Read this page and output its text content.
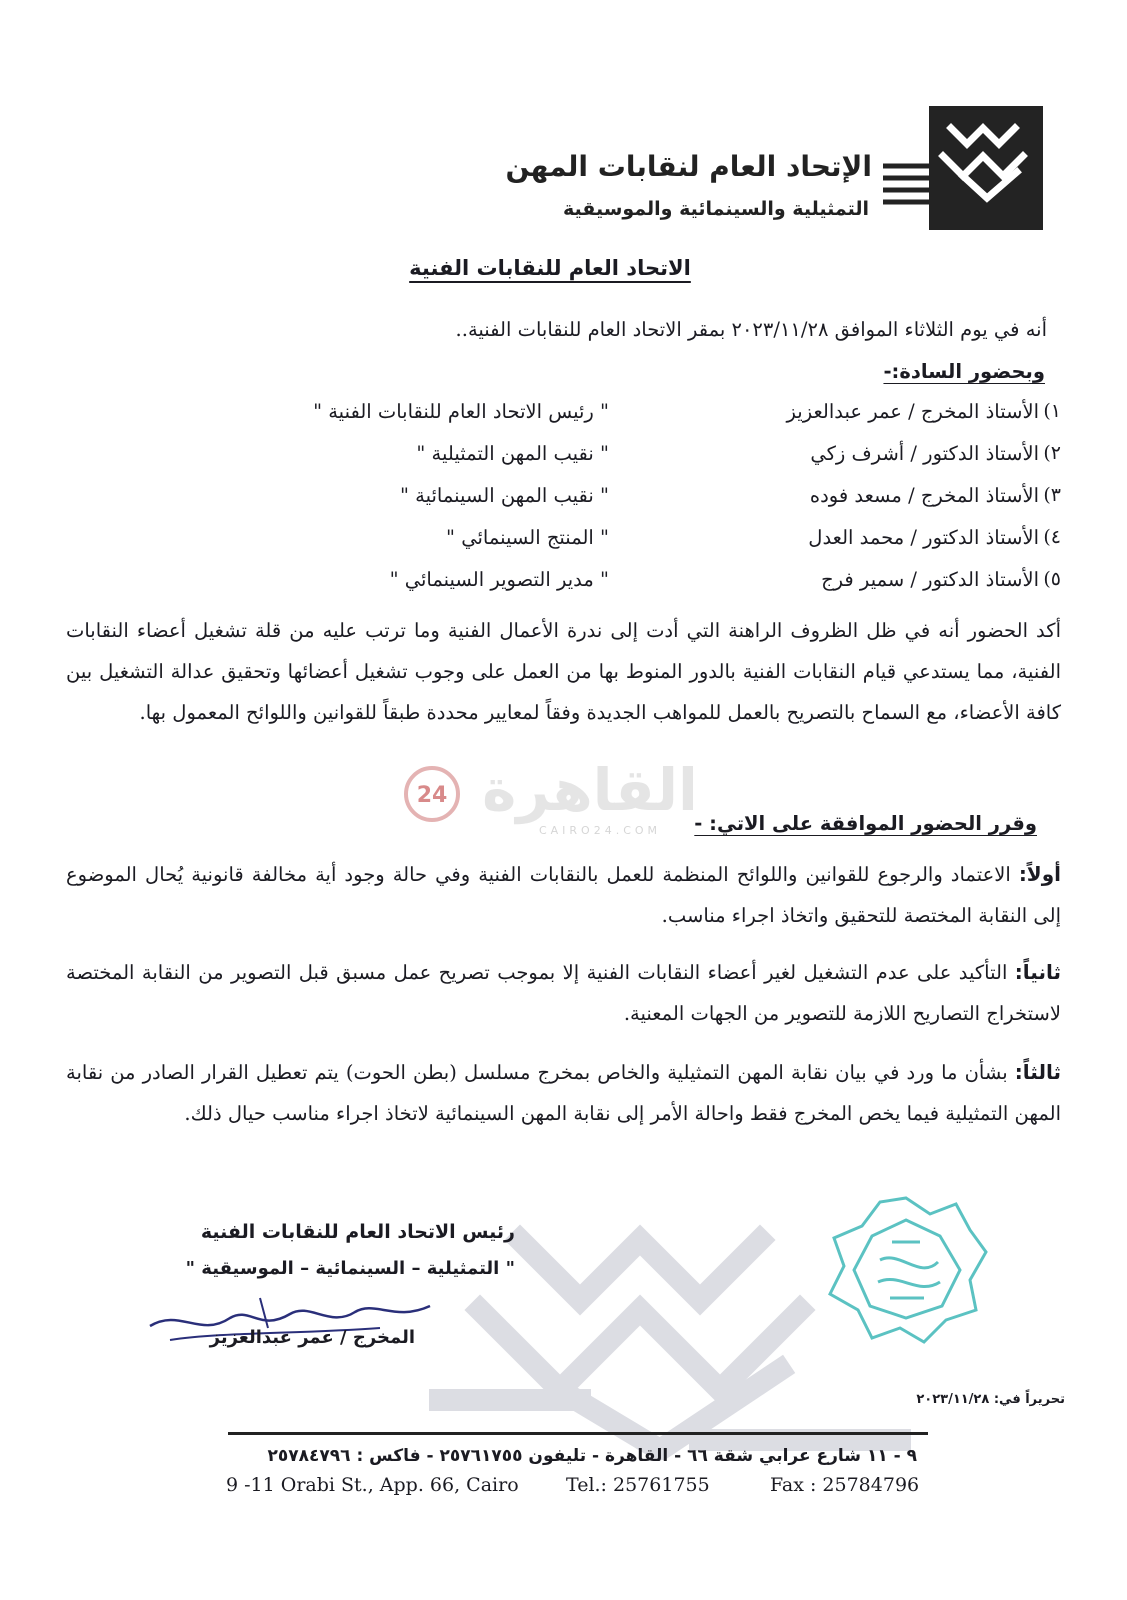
24 القاهرة
CAIRO24.COM
الإتحاد العام لنقابات المهن
التمثيلية والسينمائية والموسيقية
الاتحاد العام للنقابات الفنية
أنه في يوم الثلاثاء الموافق ٢٠٢٣/١١/٢٨ بمقر الاتحاد العام للنقابات الفنية..
وبحضور السادة:-
١)
الأستاذ المخرج / عمر عبدالعزيز
" رئيس الاتحاد العام للنقابات الفنية "
٢)
الأستاذ الدكتور / أشرف زكي
" نقيب المهن التمثيلية "
٣)
الأستاذ المخرج / مسعد فوده
" نقيب المهن السينمائية "
٤)
الأستاذ الدكتور / محمد العدل
" المنتج السينمائي "
٥)
الأستاذ الدكتور / سمير فرج
" مدير التصوير السينمائي "
أكد الحضور أنه في ظل الظروف الراهنة التي أدت إلى ندرة الأعمال الفنية وما ترتب عليه من قلة تشغيل أعضاء النقابات الفنية، مما يستدعي قيام النقابات الفنية بالدور المنوط بها من العمل على وجوب تشغيل أعضائها وتحقيق عدالة التشغيل بين كافة الأعضاء، مع السماح بالتصريح بالعمل للمواهب الجديدة وفقاً لمعايير محددة طبقاً للقوانين واللوائح المعمول بها.
وقرر الحضور الموافقة على الاتي: -
أولاً: الاعتماد والرجوع للقوانين واللوائح المنظمة للعمل بالنقابات الفنية وفي حالة وجود أية مخالفة قانونية يُحال الموضوع إلى النقابة المختصة للتحقيق واتخاذ اجراء مناسب.
ثانياً: التأكيد على عدم التشغيل لغير أعضاء النقابات الفنية إلا بموجب تصريح عمل مسبق قبل التصوير من النقابة المختصة لاستخراج التصاريح اللازمة للتصوير من الجهات المعنية.
ثالثاً: بشأن ما ورد في بيان نقابة المهن التمثيلية والخاص بمخرج مسلسل (بطن الحوت) يتم تعطيل القرار الصادر من نقابة المهن التمثيلية فيما يخص المخرج فقط واحالة الأمر إلى نقابة المهن السينمائية لاتخاذ اجراء مناسب حيال ذلك.
رئيس الاتحاد العام للنقابات الفنية
" التمثيلية – السينمائية – الموسيقية "
المخرج / عمر عبدالعزيز
تحريراً في: ٢٠٢٣/١١/٢٨
٩ - ١١ شارع عرابي شقة ٦٦ - القاهرة - تليفون ٢٥٧٦١٧٥٥ - فاكس : ٢٥٧٨٤٧٩٦
9 -11 Orabi St., App. 66, Cairo Tel.: 25761755	Fax : 25784796
